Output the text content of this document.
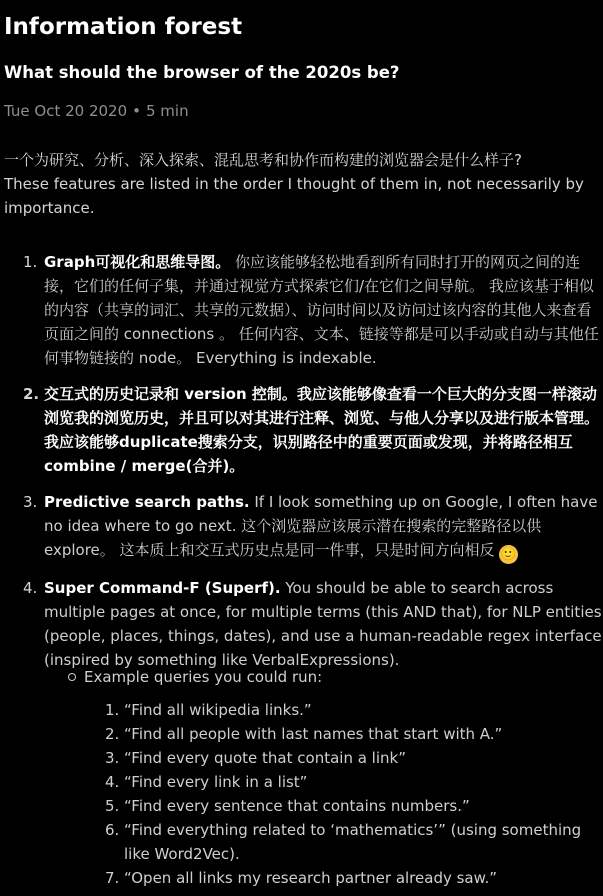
Information forest
What should the browser of the 2020s be?
Tue Oct 20 2020 • 5 min
一个为研究、分析、深入探索、混乱思考和协作而构建的浏览器会是什么样子?
These features are listed in the order I thought of them in, not necessarily by importance.
1. Graph可视化和思维导图。 你应该能够轻松地看到所有同时打开的网页之间的连接，它们的任何子集，并通过视觉方式探索它们/在它们之间导航。 我应该基于相似的内容（共享的词汇、共享的元数据）、访问时间以及访问过该内容的其他人来查看页面之间的 connections 。 任何内容、文本、链接等都是可以手动或自动与其他任何事物链接的 node。 Everything is indexable.
2. 交互式的历史记录和 version 控制。我应该能够像查看一个巨大的分支图一样滚动浏览我的浏览历史，并且可以对其进行注释、浏览、与他人分享以及进行版本管理。 我应该能够duplicate搜索分支，识别路径中的重要页面或发现，并将路径相互combine / merge(合并)。
3. Predictive search paths. If I look something up on Google, I often have no idea where to go next. 这个浏览器应该展示潜在搜索的完整路径以供 explore。 这本质上和交互式历史点是同一件事，只是时间方向相反 🙂
4. Super Command-F (Superf). You should be able to search across multiple pages at once, for multiple terms (this AND that), for NLP entities (people, places, things, dates), and use a human-readable regex interface (inspired by something like VerbalExpressions).
Example queries you could run:
1. “Find all wikipedia links.”
2. “Find all people with last names that start with A.”
3. “Find every quote that contain a link”
4. “Find every link in a list”
5. “Find every sentence that contains numbers.”
6. “Find everything related to ‘mathematics’” (using something like Word2Vec).
7. “Open all links my research partner already saw.”
